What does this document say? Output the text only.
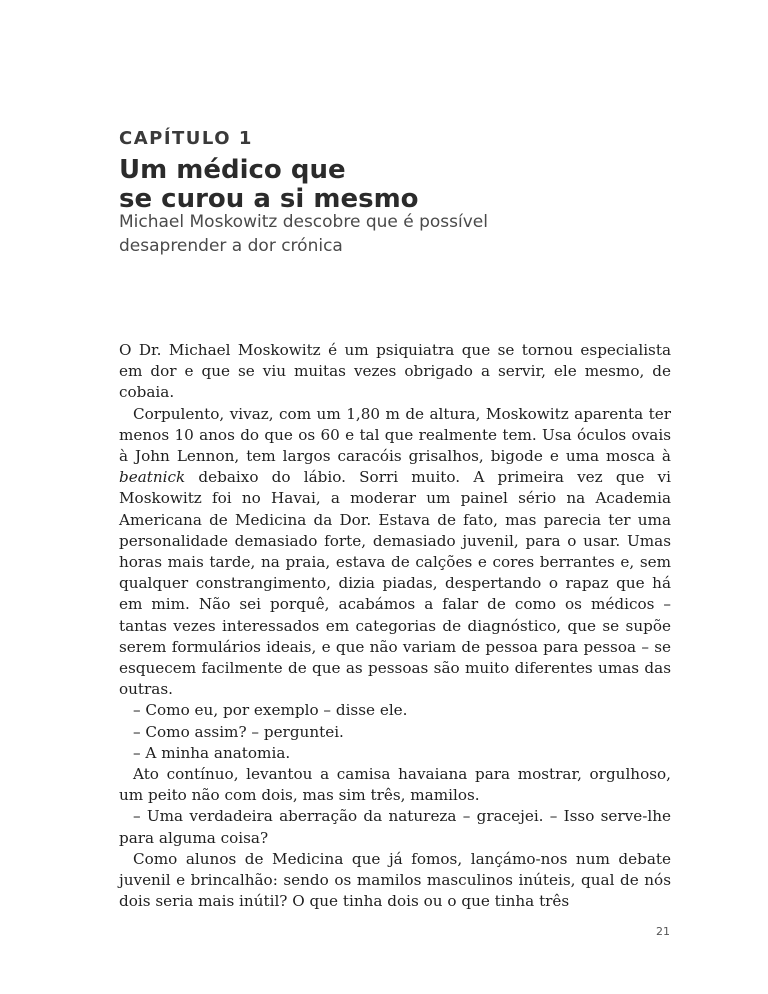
CAPÍTULO 1
Um médico que
se curou a si mesmo
Michael Moskowitz descobre que é possível
desaprender a dor crónica

O Dr. Michael Moskowitz é um psiquiatra que se tornou especialista em dor e que se viu muitas vezes obrigado a servir, ele mesmo, de cobaia.

Corpulento, vivaz, com um 1,80 m de altura, Moskowitz aparenta ter menos 10 anos do que os 60 e tal que realmente tem. Usa óculos ovais à John Lennon, tem largos caracóis grisalhos, bigode e uma mosca à beatnick debaixo do lábio. Sorri muito. A primeira vez que vi Moskowitz foi no Havai, a moderar um painel sério na Academia Americana de Medicina da Dor. Estava de fato, mas parecia ter uma personalidade demasiado forte, demasiado juvenil, para o usar. Umas horas mais tarde, na praia, estava de calções e cores berrantes e, sem qualquer constrangimento, dizia piadas, despertando o rapaz que há em mim. Não sei porquê, acabámos a falar de como os médicos – tantas vezes interessados em categorias de diagnóstico, que se supõe serem formulários ideais, e que não variam de pessoa para pessoa – se esquecem facilmente de que as pessoas são muito diferentes umas das outras.

– Como eu, por exemplo – disse ele.

– Como assim? – perguntei.

– A minha anatomia.

Ato contínuo, levantou a camisa havaiana para mostrar, orgulhoso, um peito não com dois, mas sim três, mamilos.

– Uma verdadeira aberração da natureza – gracejei. – Isso serve-lhe para alguma coisa?

Como alunos de Medicina que já fomos, lançámo-nos num debate juvenil e brincalhão: sendo os mamilos masculinos inúteis, qual de nós dois seria mais inútil? O que tinha dois ou o que tinha três

21
